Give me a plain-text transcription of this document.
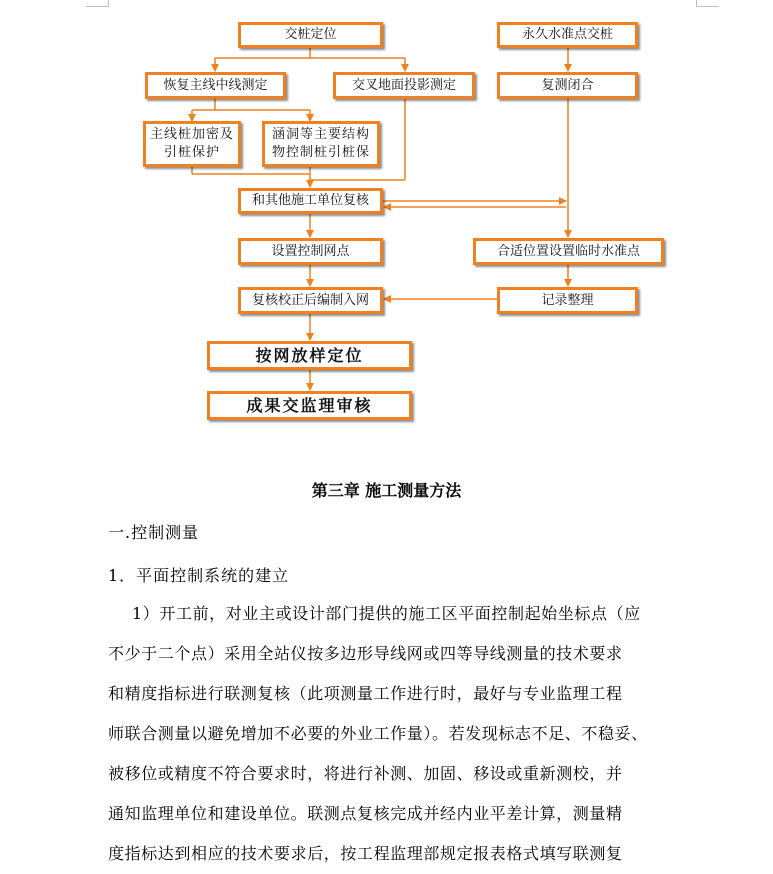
交桩定位	永久水准点交桩
恢复主线中线测定	交叉地面投影测定	复测闭合
主线桩加密及引桩保护
涵洞等主要结构物控制桩引桩保
和其他施工单位复核
设置控制网点	合适位置设置临时水准点
复核校正后编制入网	记录整理
按网放样定位
成果交监理审核
第三章 施工测量方法
一.控制测量
1．平面控制系统的建立
1）开工前，对业主或设计部门提供的施工区平面控制起始坐标点（应
不少于二个点）采用全站仪按多边形导线网或四等导线测量的技术要求
和精度指标进行联测复核（此项测量工作进行时，最好与专业监理工程
师联合测量以避免增加不必要的外业工作量）。若发现标志不足、不稳妥、
被移位或精度不符合要求时，将进行补测、加固、移设或重新测校，并
通知监理单位和建设单位。联测点复核完成并经内业平差计算，测量精
度指标达到相应的技术要求后，按工程监理部规定报表格式填写联测复
